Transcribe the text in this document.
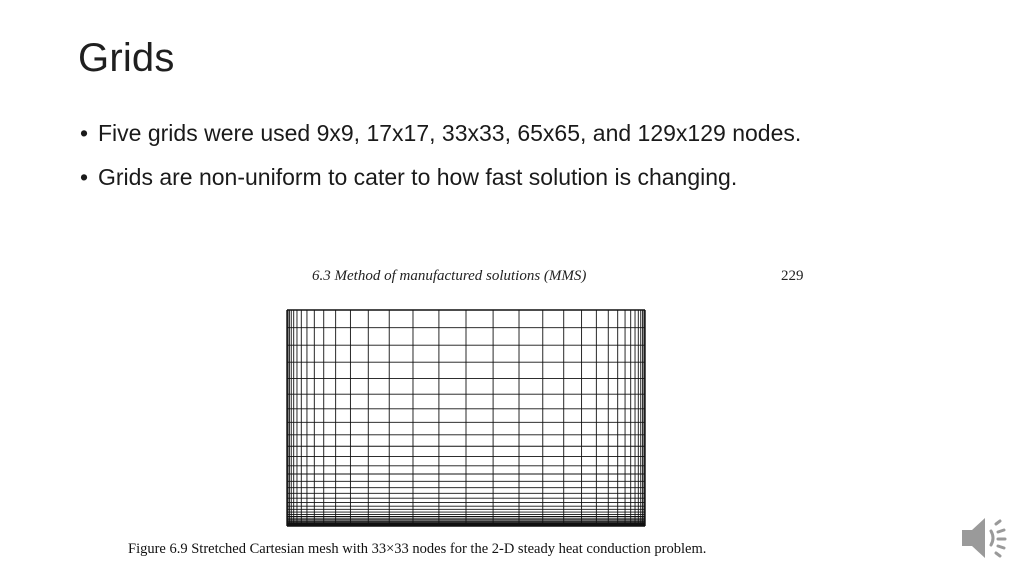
Grids
• Five grids were used 9x9, 17x17, 33x33, 65x65, and 129x129 nodes.
• Grids are non-uniform to cater to how fast solution is changing.
6.3 Method of manufactured solutions (MMS)	229
Figure 6.9 Stretched Cartesian mesh with 33×33 nodes for the 2-D steady heat conduction problem.
